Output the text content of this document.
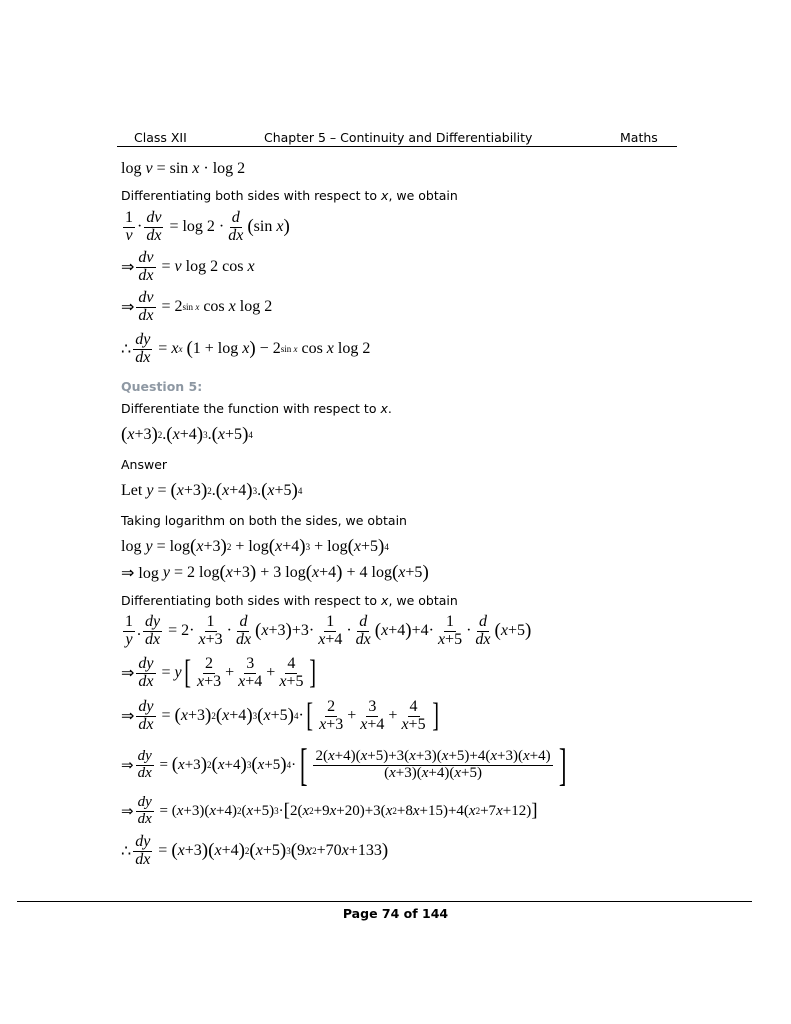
Class XII	Chapter 5 – Continuity and Differentiability	Maths
log v = sin x · log 2
Differentiating both sides with respect to x, we obtain
$\frac{1}{v} \cdot \frac{dv}{dx} = \log 2 \cdot \frac{d}{dx}$ ( sin x )
⇒ $\frac{dv}{dx} = v$ log 2 cos x
⇒ $\frac{dv}{dx} = 2$ sin x cos x log 2
∴ $\frac{dy}{dx} = x$ x
( 1 + log x ) − 2 sin x cos x log 2
Question 5:
Differentiate the function with respect to x.
( x +3 ) 2 . ( x +4 ) 3 . ( x +5 ) 4
Answer
Let y = ( x +3 ) 2 . ( x +4 ) 3 . ( x +5 ) 4
Taking logarithm on both the sides, we obtain
log y = log ( x +3 ) 2 + log ( x +4 ) 3 + log ( x +5 ) 4
⇒ log y = 2 log ( x +3 ) + 3 log ( x +4 ) + 4 log ( x +5 )
Differentiating both sides with respect to x, we obtain
$\frac{1}{y}$ . $\frac{dy}{dx} = 2\cdot \frac{1}{x+3} \cdot \frac{d}{dx}$ ( x +3 ) $+3\cdot \frac{1}{x+4} \cdot \frac{d}{dx}$ ( x +4 ) $+4\cdot \frac{1}{x+5} \cdot \frac{d}{dx}$ ( x +5 )
⇒ $\frac{dy}{dx} = y$ [ $\frac{2}{x+3} + \frac{3}{x+4} + \frac{4}{x+5}$ ]
⇒ $\frac{dy}{dx}$ = ( x +3 ) 2 ( x +4 ) 3 ( x +5 ) 4 · [ $\frac{2}{x+3} + \frac{3}{x+4} + \frac{4}{x+5}$ ]
⇒ $\frac{dy}{dx}$ = ( x +3 ) 2 ( x +4 ) 3 ( x +5 ) 4 · [ $\frac{2(x+4)(x+5)+3(x+3)(x+5)+4(x+3)(x+4)}{(x+3)(x+4)(x+5)}$ ]
⇒ $\frac{dy}{dx}$ = ( x +3)( x +4) 2 ( x +5) 3 · [ 2( x 2 +9 x +20)+3( x 2 +8 x +15)+4( x 2 +7 x +12) ]
∴ $\frac{dy}{dx}$ = ( x +3 ) ( x +4 ) 2 ( x +5 ) 3 ( 9 x 2 +70 x +133 )
Page 74 of 144
